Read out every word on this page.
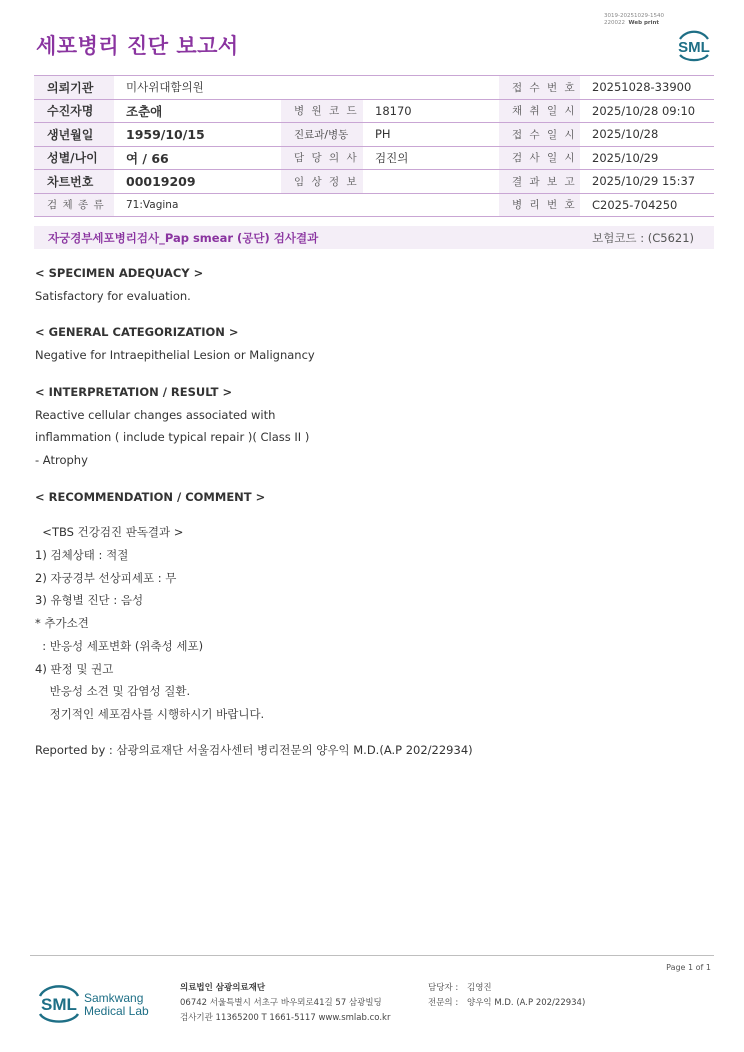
3019-20251029-1540
220022 Web print
세포병리 진단 보고서	SML
의뢰기관	미사위대함의원			접 수 번 호	20251028-33900
수진자명	조춘애	병 원 코 드	18170	채 취 일 시	2025/10/28 09:10
생년월일	1959/10/15	진료과/병동	PH	접 수 일 시	2025/10/28
성별/나이	여 / 66	담 당 의 사	검진의	검 사 일 시	2025/10/29
차트번호	00019209	임 상 정 보		결 과 보 고	2025/10/29 15:37
검 체 종 류	71:Vagina			병 리 번 호	C2025-704250
자궁경부세포병리검사_Pap smear (공단) 검사결과	보험코드 : (C5621)
< SPECIMEN ADEQUACY >
Satisfactory for evaluation.
< GENERAL CATEGORIZATION >
Negative for Intraepithelial Lesion or Malignancy
< INTERPRETATION / RESULT >
Reactive cellular changes associated with
inflammation ( include typical repair )( Class II )
- Atrophy
< RECOMMENDATION / COMMENT >
<TBS 건강검진 판독결과 >
1) 검체상태 : 적절
2) 자궁경부 선상피세포 : 무
3) 유형별 진단 : 음성
* 추가소견
: 반응성 세포변화 (위축성 세포)
4) 판정 및 권고
반응성 소견 및 감염성 질환.
정기적인 세포검사를 시행하시기 바랍니다.
Reported by : 삼광의료재단 서울검사센터 병리전문의 양우익 M.D.(A.P 202/22934)
Page 1 of 1
SML Samkwang
Medical Lab
의료법인 삼광의료재단
06742 서울특별시 서초구 바우뫼로41길 57 삼광빌딩
검사기관 11365200 T 1661-5117 www.smlab.co.kr
담당자 : 김영진
전문의 : 양우익 M.D. (A.P 202/22934)
